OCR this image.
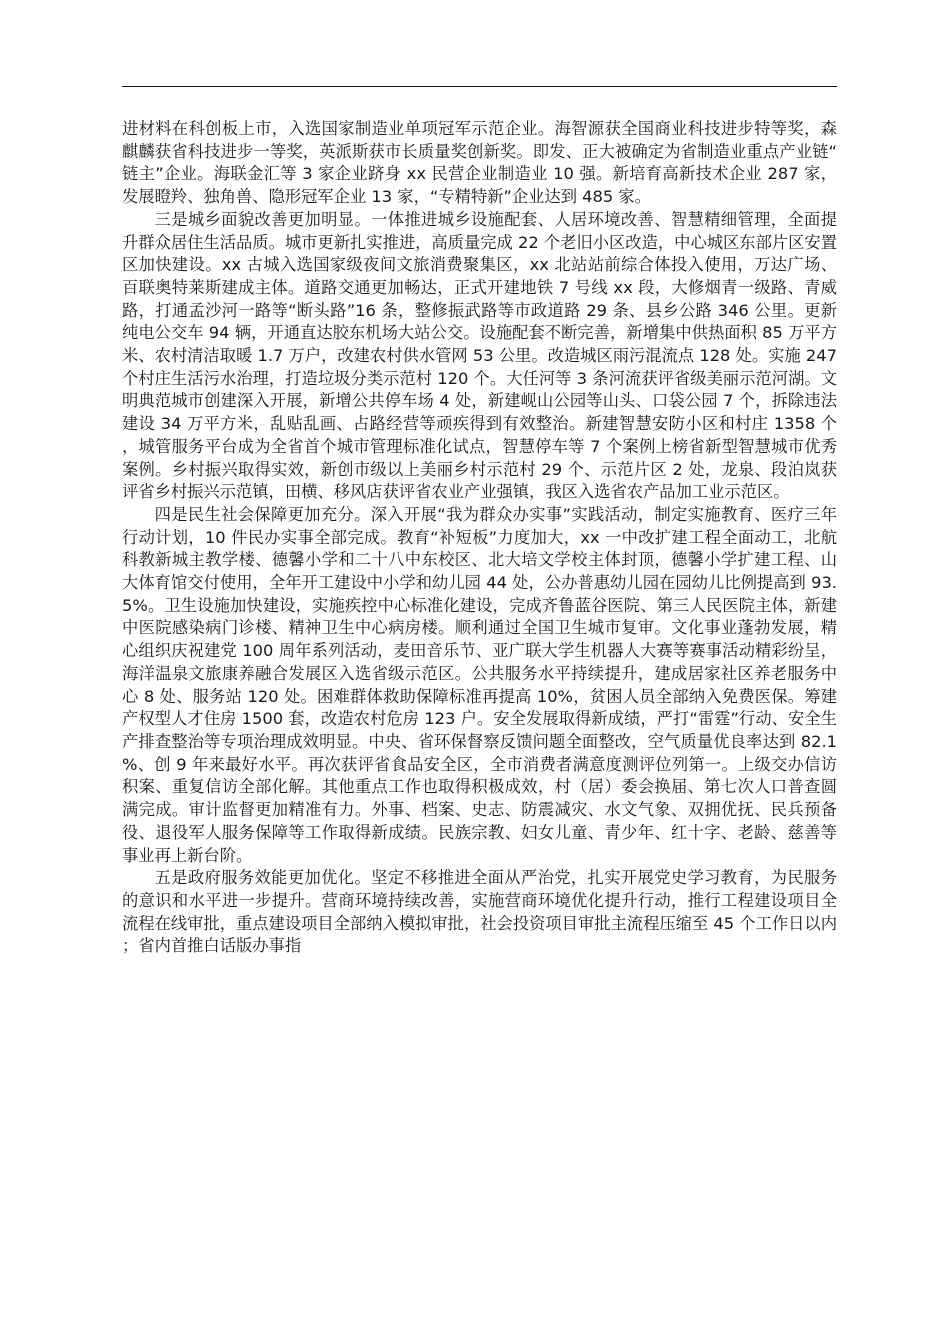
进材料在科创板上市，入选国家制造业单项冠军示范企业。海智源获全国商业科技进步特等奖，森麒麟获省科技进步一等奖，英派斯获市长质量奖创新奖。即发、正大被确定为省制造业重点产业链“链主”企业。海联金汇等 3 家企业跻身 xx 民营企业制造业 10 强。新培育高新技术企业 287 家，发展瞪羚、独角兽、隐形冠军企业 13 家，“专精特新”企业达到 485 家。

三是城乡面貌改善更加明显。一体推进城乡设施配套、人居环境改善、智慧精细管理，全面提升群众居住生活品质。城市更新扎实推进，高质量完成 22 个老旧小区改造，中心城区东部片区安置区加快建设。xx 古城入选国家级夜间文旅消费聚集区，xx 北站站前综合体投入使用，万达广场、百联奥特莱斯建成主体。道路交通更加畅达，正式开建地铁 7 号线 xx 段，大修烟青一级路、青威路，打通孟沙河一路等“断头路”16 条，整修振武路等市政道路 29 条、县乡公路 346 公里。更新纯电公交车 94 辆，开通直达胶东机场大站公交。设施配套不断完善，新增集中供热面积 85 万平方米、农村清洁取暖 1.7 万户，改建农村供水管网 53 公里。改造城区雨污混流点 128 处。实施 247 个村庄生活污水治理，打造垃圾分类示范村 120 个。大任河等 3 条河流获评省级美丽示范河湖。文明典范城市创建深入开展，新增公共停车场 4 处，新建岘山公园等山头、口袋公园 7 个，拆除违法建设 34 万平方米，乱贴乱画、占路经营等顽疾得到有效整治。新建智慧安防小区和村庄 1358 个，城管服务平台成为全省首个城市管理标准化试点，智慧停车等 7 个案例上榜省新型智慧城市优秀案例。乡村振兴取得实效，新创市级以上美丽乡村示范村 29 个、示范片区 2 处，龙泉、段泊岚获评省乡村振兴示范镇，田横、移风店获评省农业产业强镇，我区入选省农产品加工业示范区。

四是民生社会保障更加充分。深入开展“我为群众办实事”实践活动，制定实施教育、医疗三年行动计划，10 件民办实事全部完成。教育“补短板”力度加大，xx 一中改扩建工程全面动工，北航科教新城主教学楼、德馨小学和二十八中东校区、北大培文学校主体封顶，德馨小学扩建工程、山大体育馆交付使用，全年开工建设中小学和幼儿园 44 处，公办普惠幼儿园在园幼儿比例提高到 93.5%。卫生设施加快建设，实施疾控中心标准化建设，完成齐鲁蓝谷医院、第三人民医院主体，新建中医院感染病门诊楼、精神卫生中心病房楼。顺利通过全国卫生城市复审。文化事业蓬勃发展，精心组织庆祝建党 100 周年系列活动，麦田音乐节、亚广联大学生机器人大赛等赛事活动精彩纷呈，海洋温泉文旅康养融合发展区入选省级示范区。公共服务水平持续提升，建成居家社区养老服务中心 8 处、服务站 120 处。困难群体救助保障标准再提高 10%，贫困人员全部纳入免费医保。筹建产权型人才住房 1500 套，改造农村危房 123 户。安全发展取得新成绩，严打“雷霆”行动、安全生产排查整治等专项治理成效明显。中央、省环保督察反馈问题全面整改，空气质量优良率达到 82.1%、创 9 年来最好水平。再次获评省食品安全区，全市消费者满意度测评位列第一。上级交办信访积案、重复信访全部化解。其他重点工作也取得积极成效，村（居）委会换届、第七次人口普查圆满完成。审计监督更加精准有力。外事、档案、史志、防震减灾、水文气象、双拥优抚、民兵预备役、退役军人服务保障等工作取得新成绩。民族宗教、妇女儿童、青少年、红十字、老龄、慈善等事业再上新台阶。

五是政府服务效能更加优化。坚定不移推进全面从严治党，扎实开展党史学习教育，为民服务的意识和水平进一步提升。营商环境持续改善，实施营商环境优化提升行动，推行工程建设项目全流程在线审批，重点建设项目全部纳入模拟审批，社会投资项目审批主流程压缩至 45 个工作日以内；省内首推白话版办事指
